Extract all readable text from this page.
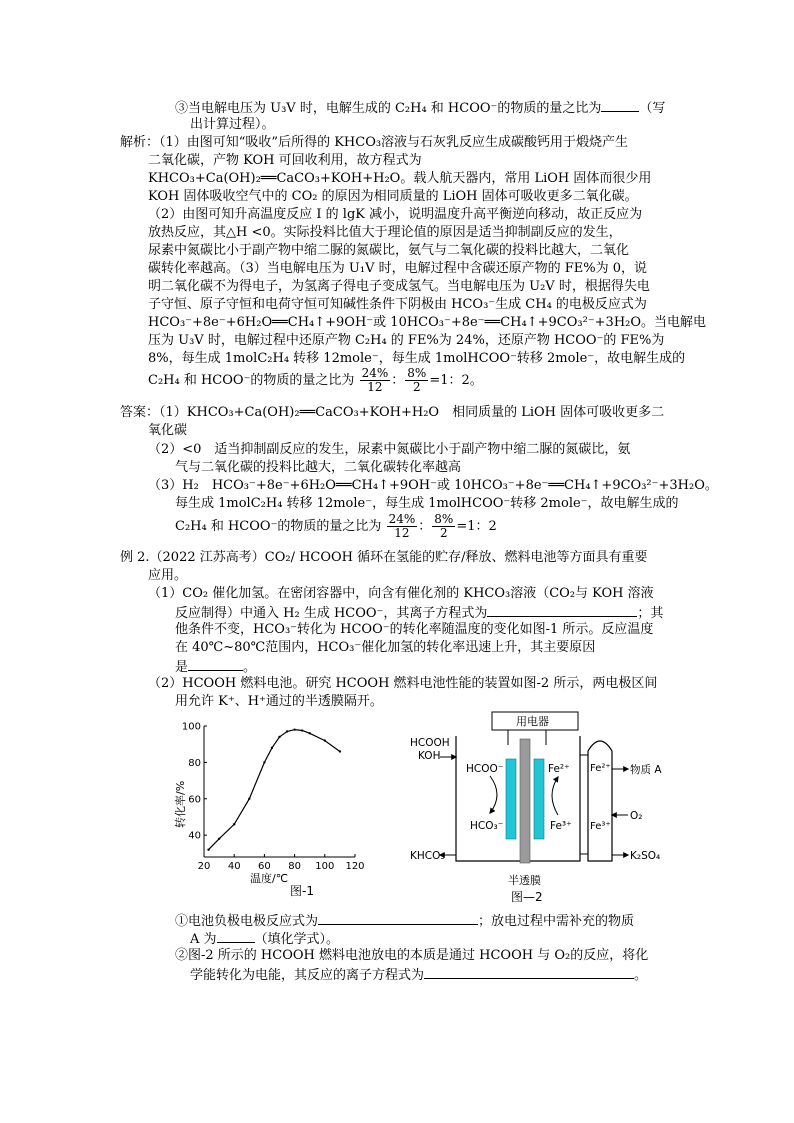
③当电解电压为 U₃V 时，电解生成的 C₂H₄ 和 HCOO⁻的物质的量之比为	（写
出计算过程）。
解析：（1）由图可知“吸收”后所得的 KHCO₃溶液与石灰乳反应生成碳酸钙用于煅烧产生
二氧化碳，产物 KOH 可回收利用，故方程式为
KHCO₃+Ca(OH)₂══CaCO₃+KOH+H₂O。载人航天器内，常用 LiOH 固体而很少用
KOH 固体吸收空气中的 CO₂ 的原因为相同质量的 LiOH 固体可吸收更多二氧化碳。
（2）由图可知升高温度反应 I 的 lgK 减小，说明温度升高平衡逆向移动，故正反应为
放热反应，其△H <0。实际投料比值大于理论值的原因是适当抑制副反应的发生，
尿素中氮碳比小于副产物中缩二脲的氮碳比，氨气与二氧化碳的投料比越大，二氧化
碳转化率越高。（3）当电解电压为 U₁V 时，电解过程中含碳还原产物的 FE%为 0，说
明二氧化碳不为得电子，为氢离子得电子变成氢气。当电解电压为 U₂V 时，根据得失电
子守恒、原子守恒和电荷守恒可知碱性条件下阴极由 HCO₃⁻生成 CH₄ 的电极反应式为
HCO₃⁻+8e⁻+6H₂O══CH₄↑+9OH⁻或 10HCO₃⁻+8e⁻══CH₄↑+9CO₃²⁻+3H₂O。当电解电
压为 U₃V 时，电解过程中还原产物 C₂H₄ 的 FE%为 24%，还原产物 HCOO⁻的 FE%为
8%，每生成 1molC₂H₄ 转移 12mole⁻，每生成 1molHCOO⁻转移 2mole⁻，故电解生成的
C₂H₄ 和 HCOO⁻的物质的量之比为 $\frac{24\%}{12}$ ： $\frac{8\%}{2} =1$：2。
答案：（1）KHCO₃+Ca(OH)₂══CaCO₃+KOH+H₂O　相同质量的 LiOH 固体可吸收更多二
氧化碳
（2）<0　适当抑制副反应的发生，尿素中氮碳比小于副产物中缩二脲的氮碳比，氨
气与二氧化碳的投料比越大，二氧化碳转化率越高
（3）H₂　HCO₃⁻+8e⁻+6H₂O══CH₄↑+9OH⁻或 10HCO₃⁻+8e⁻══CH₄↑+9CO₃²⁻+3H₂O。
每生成 1molC₂H₄ 转移 12mole⁻，每生成 1molHCOO⁻转移 2mole⁻，故电解生成的
C₂H₄ 和 HCOO⁻的物质的量之比为 $\frac{24\%}{12}$ ： $\frac{8\%}{2} =1$：2
例 2.（2022 江苏高考）CO₂/ HCOOH 循环在氢能的贮存/释放、燃料电池等方面具有重要
应用。
（1）CO₂ 催化加氢。在密闭容器中，向含有催化剂的 KHCO₃溶液（CO₂与 KOH 溶液
反应制得）中通入 H₂ 生成 HCOO⁻，其离子方程式为	；其
他条件不变，HCO₃⁻转化为 HCOO⁻的转化率随温度的变化如图-1 所示。反应温度
在 40℃~80℃范围内，HCO₃⁻催化加氢的转化率迅速上升，其主要原因
是	。
（2）HCOOH 燃料电池。研究 HCOOH 燃料电池性能的装置如图-2 所示，两电极区间
用允许 K⁺、H⁺通过的半透膜隔开。
20 40 60 80 100 120
40
60
80
100
转化率/%
温度/℃
图-1
用电器
HCOOH
KOH
KHCO₃
HCOO⁻
HCO₃⁻
Fe²⁺
Fe³⁺
Fe²⁺
Fe³⁺
物质 A
O₂
K₂SO₄
半透膜
图—2
①电池负极电极反应式为	；放电过程中需补充的物质
A 为	（填化学式）。
②图-2 所示的 HCOOH 燃料电池放电的本质是通过 HCOOH 与 O₂的反应，将化
学能转化为电能，其反应的离子方程式为	。
